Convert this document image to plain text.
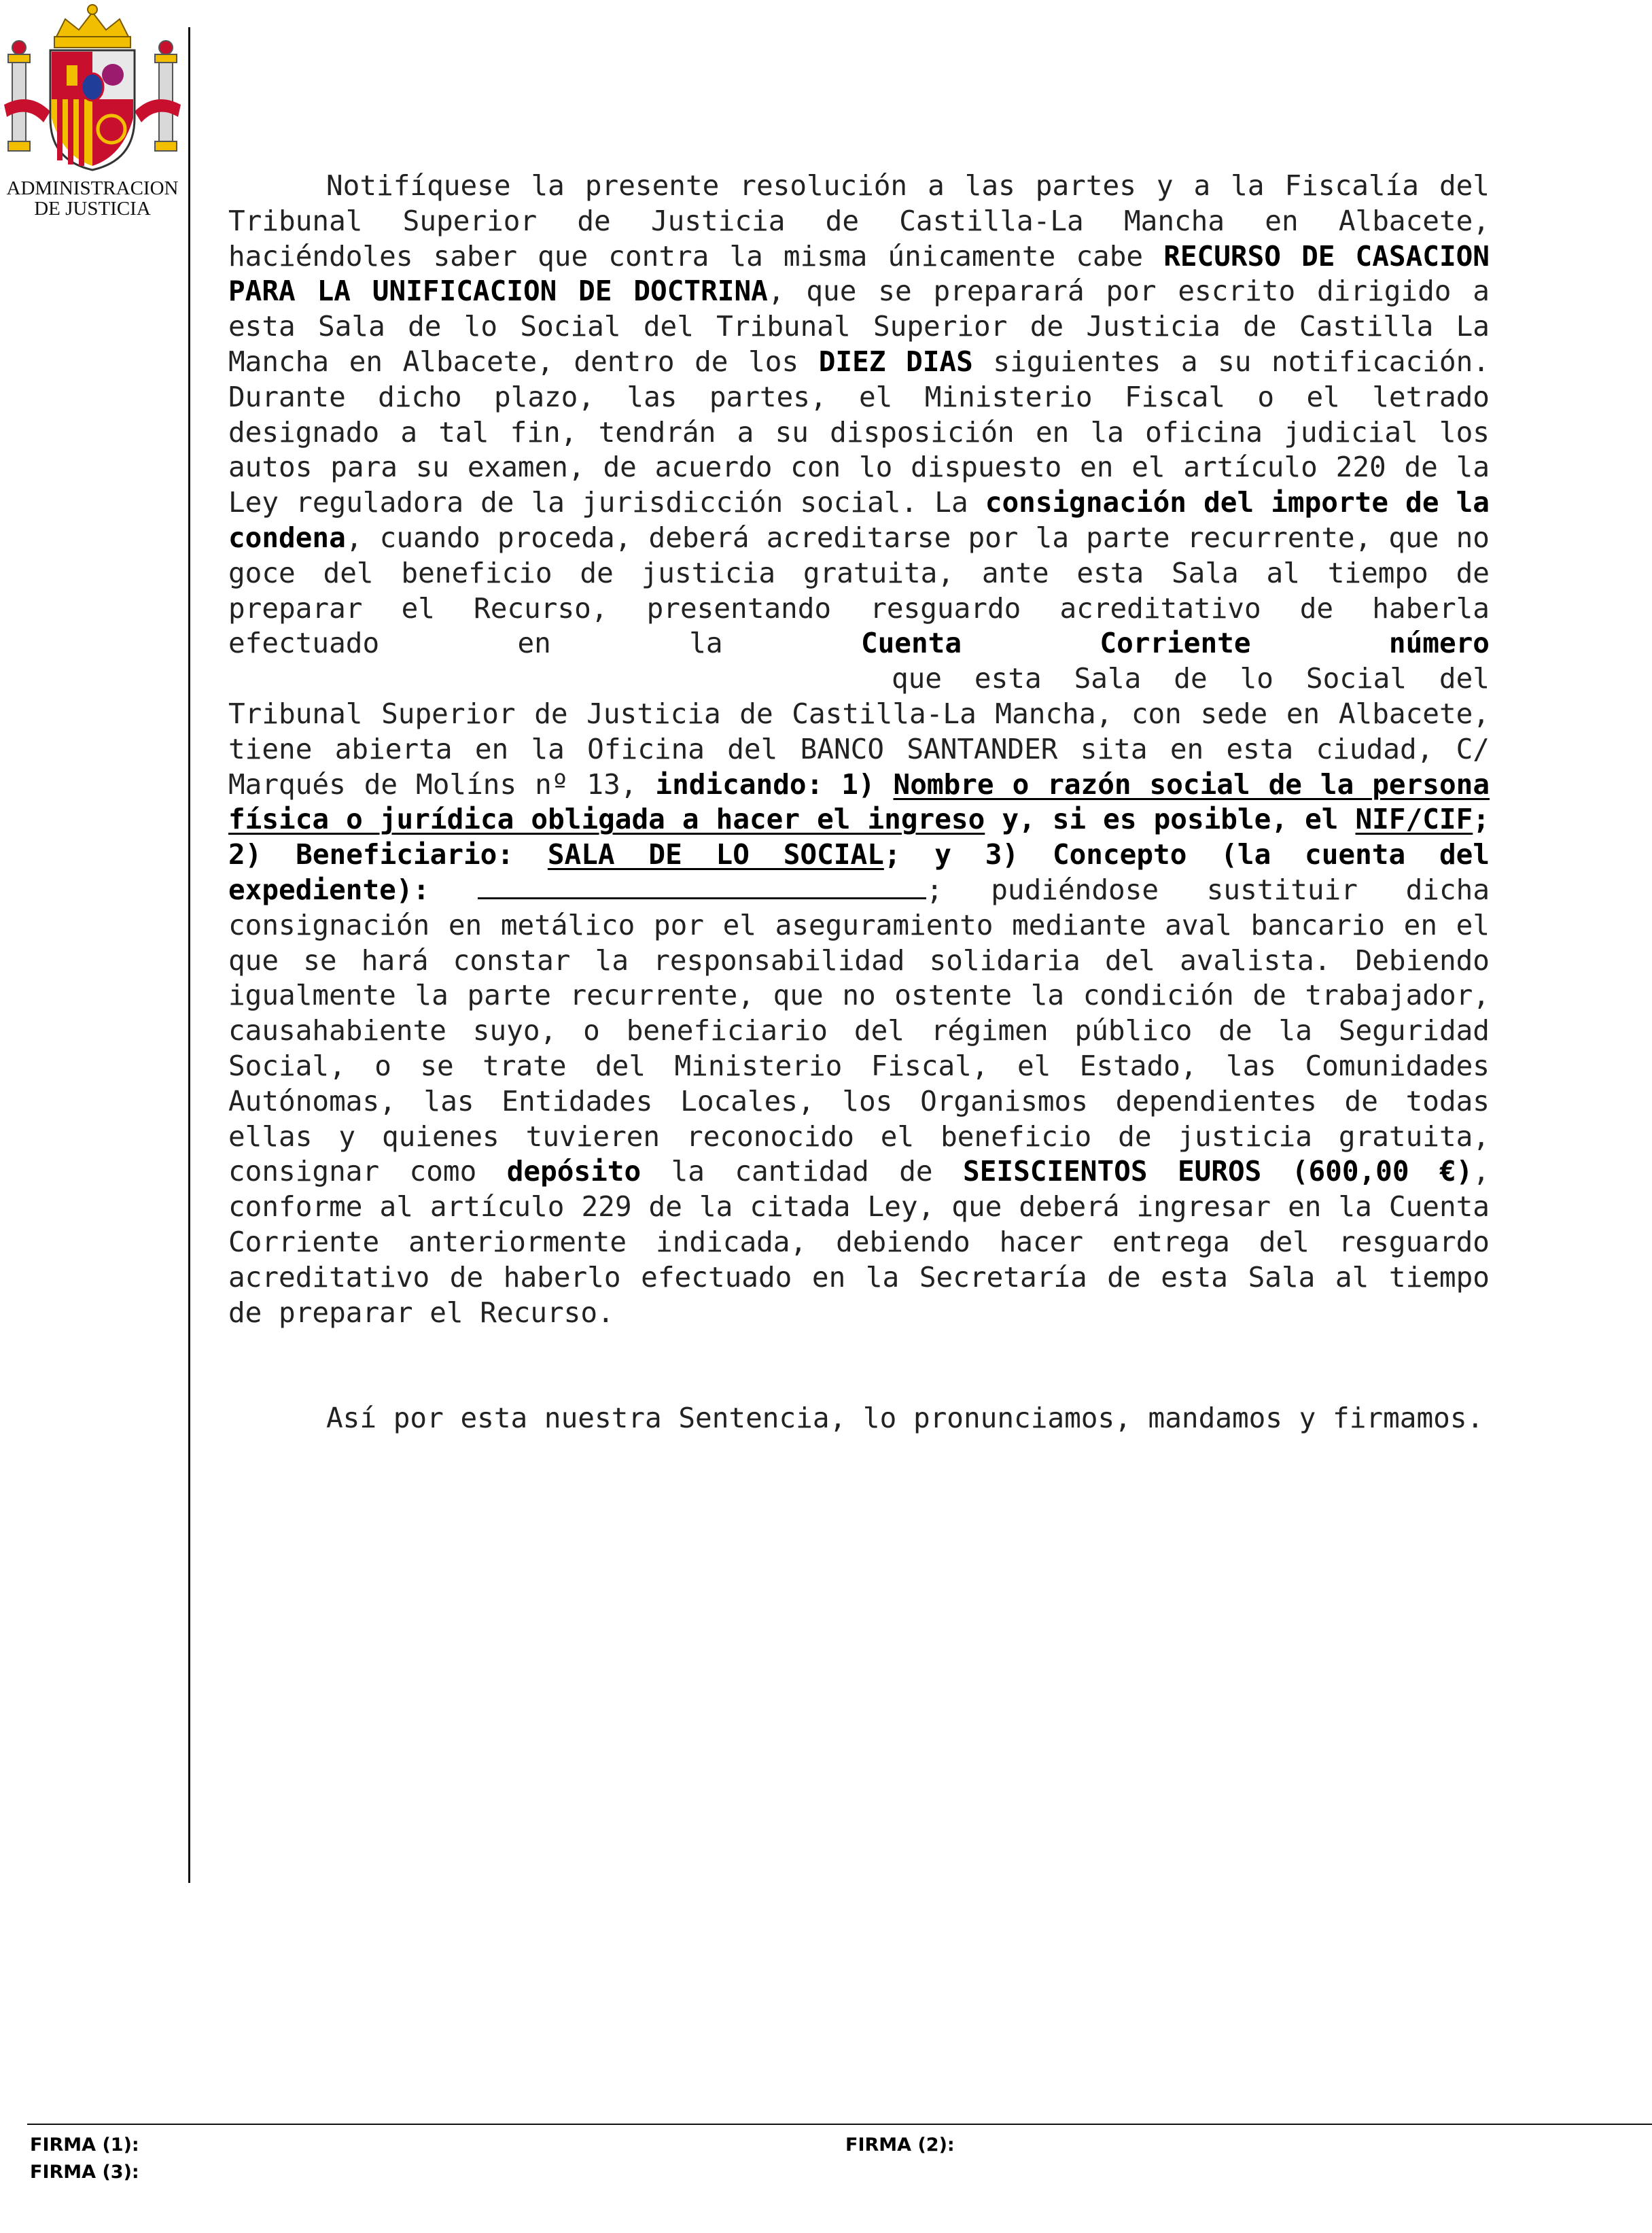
ADMINISTRACION
DE JUSTICIA

Notifíquese la presente resolución a las partes y a la Fiscalía del Tribunal Superior de Justicia de Castilla-La Mancha en Albacete, haciéndoles saber que contra la misma únicamente cabe RECURSO DE CASACION PARA LA UNIFICACION DE DOCTRINA, que se preparará por escrito dirigido a esta Sala de lo Social del Tribunal Superior de Justicia de Castilla La Mancha en Albacete, dentro de los DIEZ DIAS siguientes a su notificación. Durante dicho plazo, las partes, el Ministerio Fiscal o el letrado designado a tal fin, tendrán a su disposición en la oficina judicial los autos para su examen, de acuerdo con lo dispuesto en el artículo 220 de la Ley reguladora de la jurisdicción social. La consignación del importe de la condena, cuando proceda, deberá acreditarse por la parte recurrente, que no goce del beneficio de justicia gratuita, ante esta Sala al tiempo de preparar el Recurso, presentando resguardo acreditativo de haberla efectuado en la Cuenta Corriente número que esta Sala de lo Social del Tribunal Superior de Justicia de Castilla-La Mancha, con sede en Albacete, tiene abierta en la Oficina del BANCO SANTANDER sita en esta ciudad, C/ Marqués de Molíns nº 13, indicando: 1) Nombre o razón social de la persona física o jurídica obligada a hacer el ingreso y, si es posible, el NIF/CIF; 2) Beneficiario: SALA DE LO SOCIAL; y 3) Concepto (la cuenta del expediente):	; pudiéndose sustituir dicha consignación en metálico por el aseguramiento mediante aval bancario en el que se hará constar la responsabilidad solidaria del avalista. Debiendo igualmente la parte recurrente, que no ostente la condición de trabajador, causahabiente suyo, o beneficiario del régimen público de la Seguridad Social, o se trate del Ministerio Fiscal, el Estado, las Comunidades Autónomas, las Entidades Locales, los Organismos dependientes de todas ellas y quienes tuvieren reconocido el beneficio de justicia gratuita, consignar como depósito la cantidad de SEISCIENTOS EUROS (600,00 €), conforme al artículo 229 de la citada Ley, que deberá ingresar en la Cuenta Corriente anteriormente indicada, debiendo hacer entrega del resguardo acreditativo de haberlo efectuado en la Secretaría de esta Sala al tiempo de preparar el Recurso.

Así por esta nuestra Sentencia, lo pronunciamos, mandamos y firmamos.

FIRMA (1):	FIRMA (2):
FIRMA (3):
